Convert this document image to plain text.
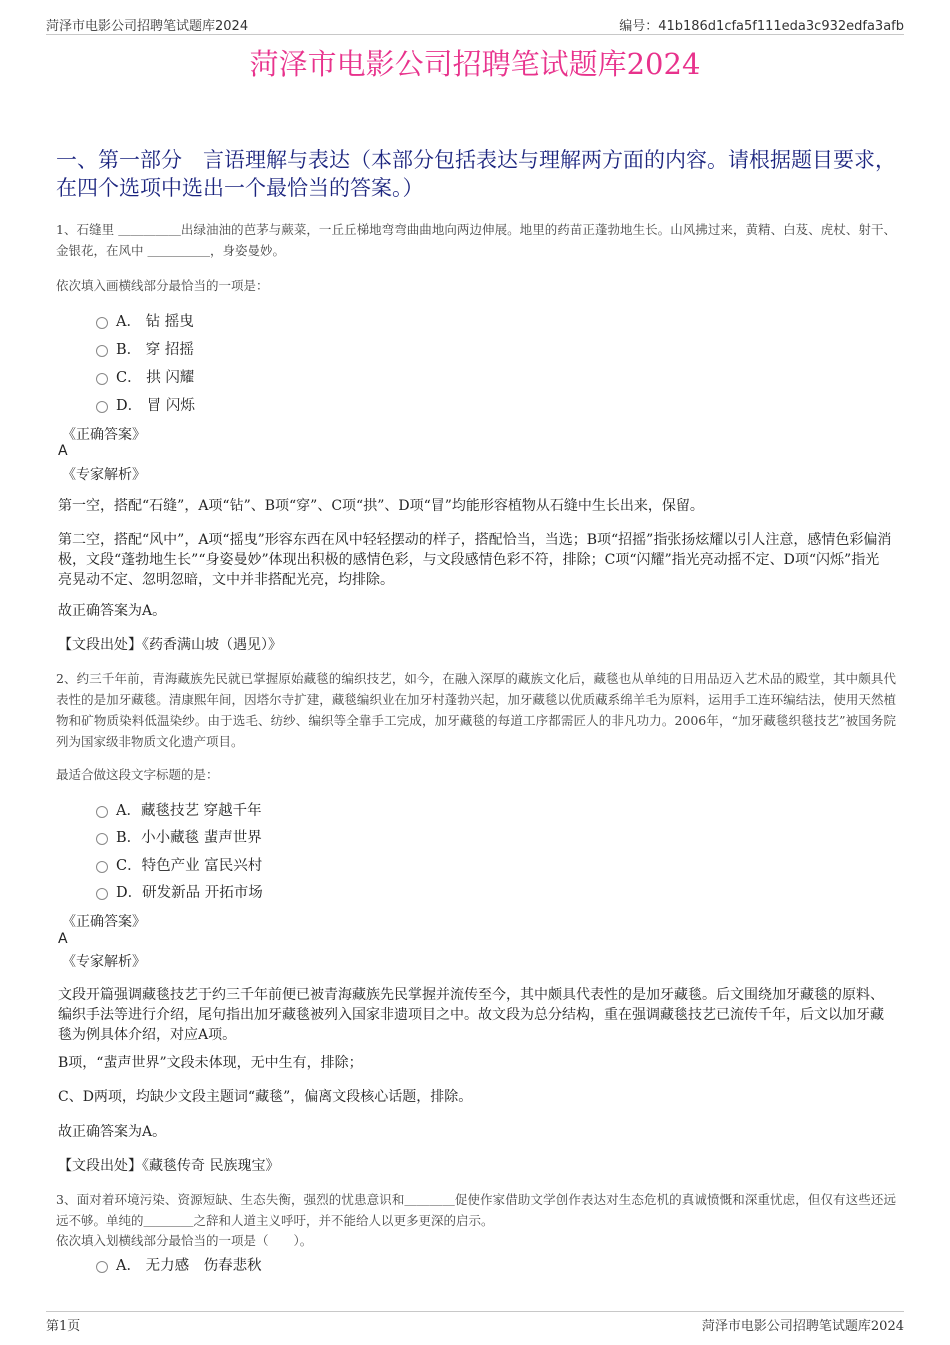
菏泽市电影公司招聘笔试题库2024	编号：41b186d1cfa5f111eda3c932edfa3afb
菏泽市电影公司招聘笔试题库2024
一、第一部分　言语理解与表达（本部分包括表达与理解两方面的内容。请根据题目要求，在四个选项中选出一个最恰当的答案。）
1、石缝里 ＿＿＿＿＿出绿油油的芭茅与蕨菜，一丘丘梯地弯弯曲曲地向两边伸展。地里的药苗正蓬勃地生长。山风拂过来，黄精、白芨、虎杖、射干、金银花，在风中 ＿＿＿＿＿，身姿曼妙。
依次填入画横线部分最恰当的一项是：
A． 钻 摇曳
B． 穿 招摇
C． 拱 闪耀
D． 冒 闪烁
《正确答案》
A
《专家解析》
第一空，搭配“石缝”，A项“钻”、B项“穿”、C项“拱”、D项“冒”均能形容植物从石缝中生长出来，保留。
第二空，搭配“风中”，A项“摇曳”形容东西在风中轻轻摆动的样子，搭配恰当，当选；B项“招摇”指张扬炫耀以引人注意，感情色彩偏消极，文段“蓬勃地生长”“身姿曼妙”体现出积极的感情色彩，与文段感情色彩不符，排除；C项“闪耀”指光亮动摇不定、D项“闪烁”指光亮晃动不定、忽明忽暗，文中并非搭配光亮，均排除。
故正确答案为A。
【文段出处】《药香满山坡（遇见）》
2、约三千年前，青海藏族先民就已掌握原始藏毯的编织技艺，如今，在融入深厚的藏族文化后，藏毯也从单纯的日用品迈入艺术品的殿堂，其中颇具代表性的是加牙藏毯。清康熙年间，因塔尔寺扩建，藏毯编织业在加牙村蓬勃兴起，加牙藏毯以优质藏系绵羊毛为原料，运用手工连环编结法，使用天然植物和矿物质染料低温染纱。由于选毛、纺纱、编织等全靠手工完成，加牙藏毯的每道工序都需匠人的非凡功力。2006年，“加牙藏毯织毯技艺”被国务院列为国家级非物质文化遗产项目。
最适合做这段文字标题的是：
A．藏毯技艺 穿越千年
B．小小藏毯 蜚声世界
C．特色产业 富民兴村
D．研发新品 开拓市场
《正确答案》
A
《专家解析》
文段开篇强调藏毯技艺于约三千年前便已被青海藏族先民掌握并流传至今，其中颇具代表性的是加牙藏毯。后文围绕加牙藏毯的原料、编织手法等进行介绍，尾句指出加牙藏毯被列入国家非遗项目之中。故文段为总分结构，重在强调藏毯技艺已流传千年，后文以加牙藏毯为例具体介绍，对应A项。
B项，“蜚声世界”文段未体现，无中生有，排除；
C、D两项，均缺少文段主题词“藏毯”，偏离文段核心话题，排除。
故正确答案为A。
【文段出处】《藏毯传奇 民族瑰宝》
3、面对着环境污染、资源短缺、生态失衡，强烈的忧患意识和＿＿＿＿促使作家借助文学创作表达对生态危机的真诚愤慨和深重忧虑，但仅有这些还远远不够。单纯的＿＿＿＿之辞和人道主义呼吁，并不能给人以更多更深的启示。
依次填入划横线部分最恰当的一项是（　　）。
A． 无力感　伤春悲秋
第1页	菏泽市电影公司招聘笔试题库2024
